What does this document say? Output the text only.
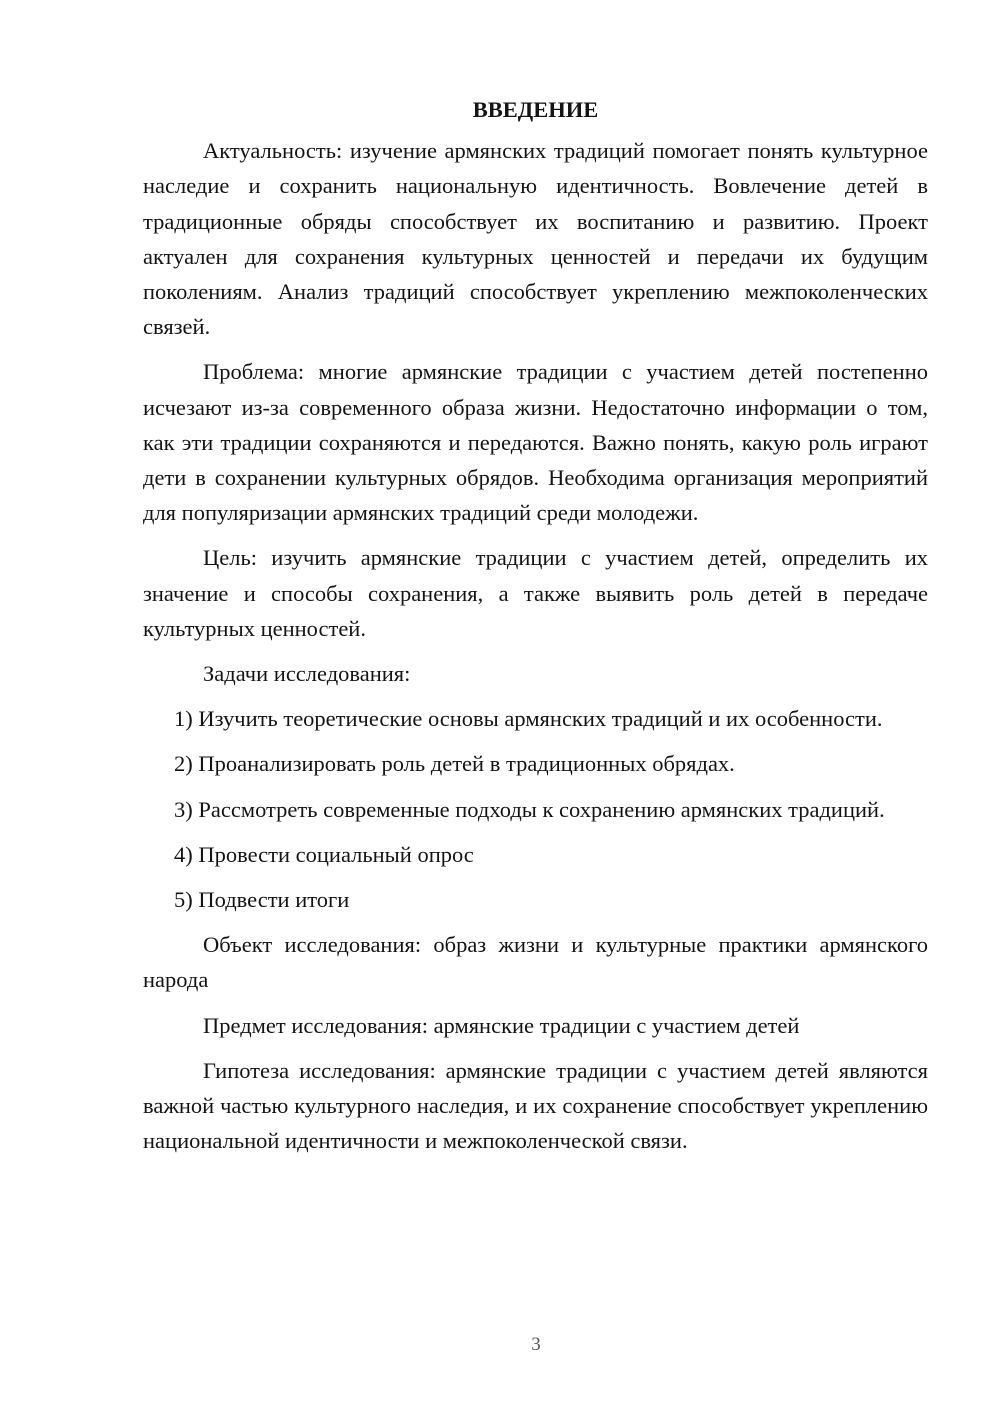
ВВЕДЕНИЕ

Актуальность: изучение армянских традиций помогает понять культурное наследие и сохранить национальную идентичность. Вовлечение детей в традиционные обряды способствует их воспитанию и развитию. Проект актуален для сохранения культурных ценностей и передачи их будущим поколениям. Анализ традиций способствует укреплению межпоколенческих связей.

Проблема: многие армянские традиции с участием детей постепенно исчезают из-за современного образа жизни. Недостаточно информации о том, как эти традиции сохраняются и передаются. Важно понять, какую роль играют дети в сохранении культурных обрядов. Необходима организация мероприятий для популяризации армянских традиций среди молодежи.

Цель: изучить армянские традиции с участием детей, определить их значение и способы сохранения, а также выявить роль детей в передаче культурных ценностей.

Задачи исследования:

1) Изучить теоретические основы армянских традиций и их особенности.

2) Проанализировать роль детей в традиционных обрядах.

3) Рассмотреть современные подходы к сохранению армянских традиций.

4) Провести социальный опрос

5) Подвести итоги

Объект исследования: образ жизни и культурные практики армянского народа

Предмет исследования: армянские традиции с участием детей

Гипотеза исследования: армянские традиции с участием детей являются важной частью культурного наследия, и их сохранение способствует укреплению национальной идентичности и межпоколенческой связи.

3
